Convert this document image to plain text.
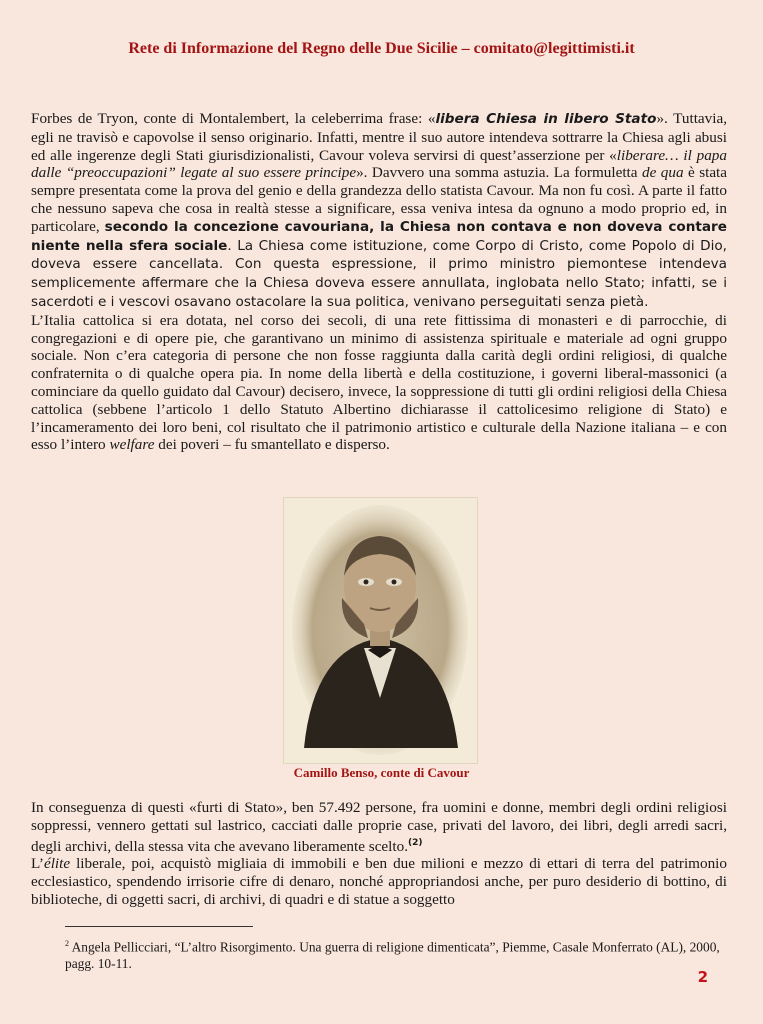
Rete di Informazione del Regno delle Due Sicilie – comitato@legittimisti.it

Forbes de Tryon, conte di Montalembert, la celeberrima frase: «libera Chiesa in libero Stato». Tuttavia, egli ne travisò e capovolse il senso originario. Infatti, mentre il suo autore intendeva sottrarre la Chiesa agli abusi ed alle ingerenze degli Stati giurisdizionalisti, Cavour voleva servirsi di quest’asserzione per «liberare… il papa dalle “preoccupazioni” legate al suo essere principe». Davvero una somma astuzia. La formuletta de qua è stata sempre presentata come la prova del genio e della grandezza dello statista Cavour. Ma non fu così. A parte il fatto che nessuno sapeva che cosa in realtà stesse a significare, essa veniva intesa da ognuno a modo proprio ed, in particolare, secondo la concezione cavouriana, la Chiesa non contava e non doveva contare niente nella sfera sociale. La Chiesa come istituzione, come Corpo di Cristo, come Popolo di Dio, doveva essere cancellata. Con questa espressione, il primo ministro piemontese intendeva semplicemente affermare che la Chiesa doveva essere annullata, inglobata nello Stato; infatti, se i sacerdoti e i vescovi osavano ostacolare la sua politica, venivano perseguitati senza pietà.

L’Italia cattolica si era dotata, nel corso dei secoli, di una rete fittissima di monasteri e di parrocchie, di congregazioni e di opere pie, che garantivano un minimo di assistenza spirituale e materiale ad ogni gruppo sociale. Non c’era categoria di persone che non fosse raggiunta dalla carità degli ordini religiosi, di qualche confraternita o di qualche opera pia. In nome della libertà e della costituzione, i governi liberal-massonici (a cominciare da quello guidato dal Cavour) decisero, invece, la soppressione di tutti gli ordini religiosi della Chiesa cattolica (sebbene l’articolo 1 dello Statuto Albertino dichiarasse il cattolicesimo religione di Stato) e l’incameramento dei loro beni, col risultato che il patrimonio artistico e culturale della Nazione italiana – e con esso l’intero welfare dei poveri – fu smantellato e disperso.

Camillo Benso, conte di Cavour

In conseguenza di questi «furti di Stato», ben 57.492 persone, fra uomini e donne, membri degli ordini religiosi soppressi, vennero gettati sul lastrico, cacciati dalle proprie case, privati del lavoro, dei libri, degli arredi sacri, degli archivi, della stessa vita che avevano liberamente scelto.$^{(2)}$

L’élite liberale, poi, acquistò migliaia di immobili e ben due milioni e mezzo di ettari di terra del patrimonio ecclesiastico, spendendo irrisorie cifre di denaro, nonché appropriandosi anche, per puro desiderio di bottino, di biblioteche, di oggetti sacri, di archivi, di quadri e di statue a soggetto

$^2$ Angela Pellicciari, “L’altro Risorgimento. Una guerra di religione dimenticata”, Piemme, Casale Monferrato (AL), 2000, pagg. 10-11.
2
